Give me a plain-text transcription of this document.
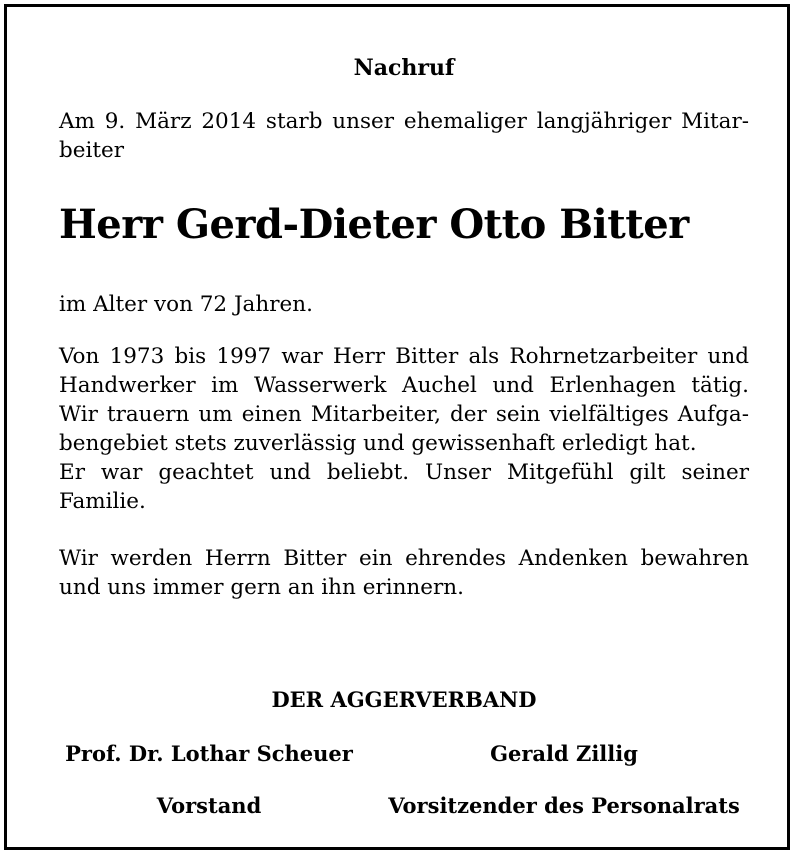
Nachruf

Am 9. März 2014 starb unser ehemaliger langjähriger Mitar-
beiter

Herr Gerd-Dieter Otto Bitter

im Alter von 72 Jahren.

Von 1973 bis 1997 war Herr Bitter als Rohrnetzarbeiter und
Handwerker im Wasserwerk Auchel und Erlenhagen tätig.
Wir trauern um einen Mitarbeiter, der sein vielfältiges Aufga-
bengebiet stets zuverlässig und gewissenhaft erledigt hat.
Er war geachtet und beliebt. Unser Mitgefühl gilt seiner
Familie.

Wir werden Herrn Bitter ein ehrendes Andenken bewahren
und uns immer gern an ihn erinnern.

DER AGGERVERBAND
Prof. Dr. Lothar Scheuer	Gerald Zillig
Vorstand	Vorsitzender des Personalrats
